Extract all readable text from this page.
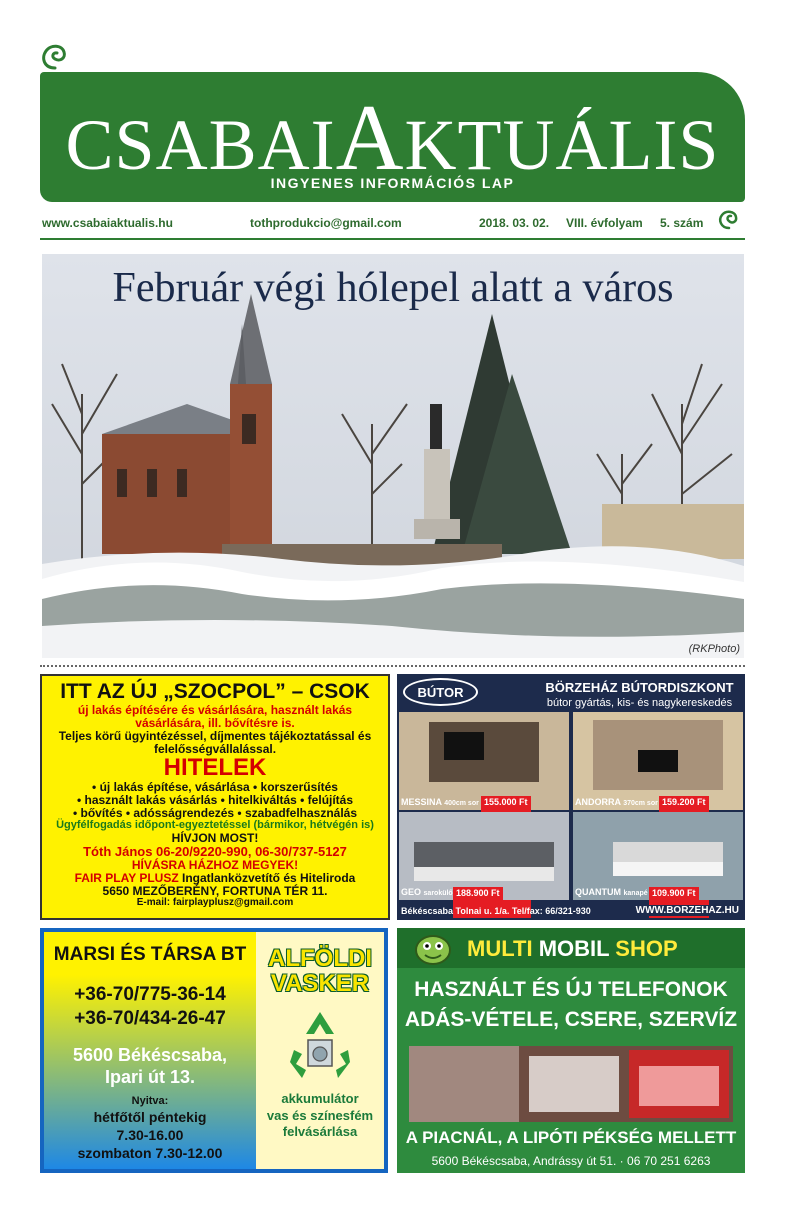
CSABAIAKTUÁLIS
INGYENES INFORMÁCIÓS LAP
www.csabaiaktualis.hu	tothprodukcio@gmail.com	2018. 03. 02. VIII. évfolyam 5. szám
Február végi hólepel alatt a város
(RKPhoto)
ITT AZ ÚJ „SZOCPOL” – CSOK
új lakás építésére és vásárlására, használt lakás vásárlására, ill. bővítésre is.
Teljes körű ügyintézéssel, díjmentes tájékoztatással és felelősségvállalással.
HITELEK
• új lakás építése, vásárlása • korszerűsítés
• használt lakás vásárlás • hitelkiváltás • felújítás
• bővítés • adósságrendezés • szabadfelhasználás
Ügyfélfogadás időpont-egyeztetéssel (bármikor, hétvégén is)
HÍVJON MOST!
Tóth János 06-20/9220-990, 06-30/737-5127
HÍVÁSRA HÁZHOZ MEGYEK!
FAIR PLAY PLUSZ Ingatlanközvetítő és Hiteliroda
5650 MEZŐBERÉNY, FORTUNA TÉR 11.
E-mail: fairplayplusz@gmail.com
BÚTOR	BÖRZEHÁZ BÚTORDISZKONT
bútor gyártás, kis- és nagykereskedés
MESSINA 400cm sor 155.000 Ft	ANDORRA 370cm sor 159.200 Ft
GEO sarokülő 188.900 Ft	QUANTUM kanapé 109.900 Ft
Békéscsaba Tolnai u. 1/a. Tel/fax: 66/321-930	WWW.BORZEHAZ.HU
MARSI ÉS TÁRSA BT
+36-70/775-36-14
+36-70/434-26-47
5600 Békéscsaba,
Ipari út 13.
Nyitva:
hétfőtől péntekig
7.30-16.00
szombaton 7.30-12.00
ALFÖLDI
VASKER
akkumulátor
vas és színesfém
felvásárlása
MULTI MOBIL SHOP
HASZNÁLT ÉS ÚJ TELEFONOK
ADÁS-VÉTELE, CSERE, SZERVÍZ
A PIACNÁL, A LIPÓTI PÉKSÉG MELLETT
5600 Békéscsaba, Andrássy út 51. · 06 70 251 6263
